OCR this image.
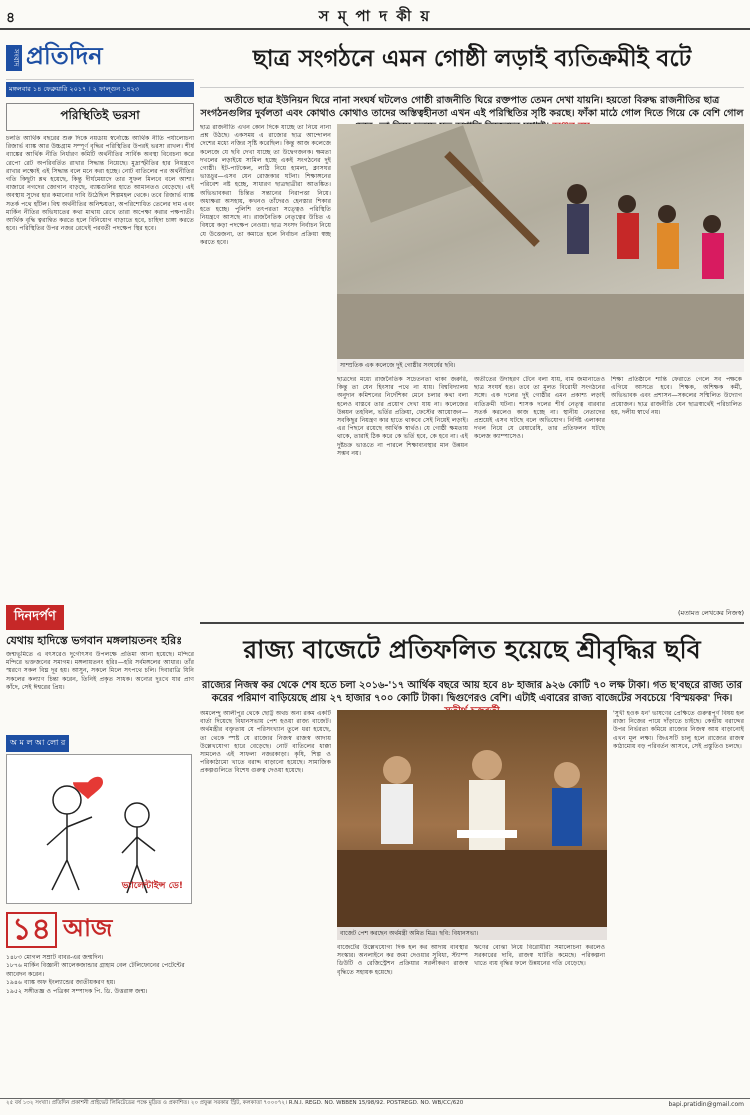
৪	স ম্ পা দ কী য়
সংবাদ প্রতিদিন
মঙ্গলবার ১৪ ফেব্রুয়ারি ২০১৭ । ২ ফাল্গুন ১৪২৩
পরিস্থিতিই ভরসা
চলতি আর্থিক বছরের শুরু দিকে নয়ডায় স্বর্নোচ্চে আর্থিক নীতি পর্যালোচনা রিজার্ভ ব্যাঙ্ক আর উচ্চগ্রাম সম্পূর্ণ বৃদ্ধির পরিস্থিতির উপরই ভরসা রাখল। শীর্ষ ব্যাঙ্কের আর্থিক নীতি নির্ধারণ কমিটি অর্থনীতির সার্বিক অবস্থা বিবেচনা করে রেপো রেট অপরিবর্তিত রাখার সিদ্ধান্ত নিয়েছে। মুদ্রাস্ফীতির হার নিয়ন্ত্রণে রাখার লক্ষ্যেই এই সিদ্ধান্ত বলে মনে করা হচ্ছে। নোট বাতিলের পর অর্থনীতির গতি কিছুটা শ্লথ হয়েছে, কিন্তু দীর্ঘমেয়াদে তার সুফল মিলবে বলে আশা। বাজারে নগদের জোগান বাড়ছে, ব্যাঙ্কগুলির হাতে আমানতও বেড়েছে। এই অবস্থায় সুদের হার কমানোর দাবি উঠেছিল শিল্পমহল থেকে। তবে রিজার্ভ ব্যাঙ্ক সতর্ক পথে হাঁটল। বিশ্ব অর্থনীতির অনিশ্চয়তা, অপরিশোধিত তেলের দাম এবং মার্কিন নীতির অভিঘাতের কথা মাথায় রেখে তারা অপেক্ষা করার পক্ষপাতী। আর্থিক বৃদ্ধি ত্বরান্বিত করতে হলে বিনিয়োগ বাড়াতে হবে, চাহিদা চাঙ্গা করতে হবে। পরিস্থিতির উপর নজর রেখেই পরবর্তী পদক্ষেপ স্থির হবে।
দিনদর্পণ
যেথায় হাদিস্তে ভগবান মঙ্গলায়তনং হরিঃ
জন্মভূমিতে এ বৎসরেও দুর্গোৎসব উপলক্ষে প্রতিমা আনা হয়েছে। মন্দিরে মন্দিরে ভক্তজনের সমাগম। মঙ্গলায়তনং হরিঃ—হরি সর্বমঙ্গলের আধার। তাঁর স্মরণে সকল বিঘ্ন দূর হয়। আসুন, সকলে মিলে সৎপথে চলি। দিবারাত্রি যিনি সকলের কল্যাণ চিন্তা করেন, তিনিই প্রকৃত সাধক। অন্যের দুঃখে যার প্রাণ কাঁদে, সেই ঈশ্বরের প্রিয়।
অ ম ল আ লো র
ভ্যালেন্টাইন্স ডে!
১৪ আজ
১৪৮৩ মোগল সম্রাট বাবর-এর জন্মদিন।
১৮৭৬ মার্কিন বিজ্ঞানী আলেকজান্ডার গ্রাহাম বেল টেলিফোনের পেটেন্টের আবেদন করেন।
১৯৪৬ ব্যাঙ্ক অফ ইংল্যান্ডের জাতীয়করণ হয়।
১৯৫২ সঙ্গীতজ্ঞ ও পত্রিকা সম্পাদক পি. ডি. উত্তরাঙ্গ জন্ম।
ছাত্র সংগঠনে এমন গোষ্ঠী লড়াই ব্যতিক্রমীই বটে
অতীতে ছাত্র ইউনিয়ন ঘিরে নানা সংঘর্ষ ঘটলেও গোষ্ঠী রাজনীতি ঘিরে রক্তপাত তেমন দেখা যায়নি। হয়তো বিরুদ্ধ রাজনীতির ছাত্র সংগঠনগুলির দুর্বলতা এবং কোথাও কোথাও তাদের অস্তিত্বহীনতা এখন এই পরিস্থিতির সৃষ্টি করছে। ফাঁকা মাঠে গোল দিতে গিয়ে কে বেশি গোল
ছাত্র রাজনীতি এখন কোন দিকে যাচ্ছে তা নিয়ে নানা প্রশ্ন উঠছে। একসময় এ রাজ্যের ছাত্র আন্দোলন দেশের মধ্যে নজির সৃষ্টি করেছিল। কিন্তু আজ কলেজে কলেজে যে ছবি দেখা যাচ্ছে তা উদ্বেগজনক। ক্ষমতা দখলের লড়াইয়ে সামিল হচ্ছে একই সংগঠনের দুই গোষ্ঠী। ইট-পাটকেল, লাঠি নিয়ে হামলা, ক্লাসঘর ভাঙচুর—এসব যেন রোজকার ঘটনা। শিক্ষাঙ্গনের পরিবেশ নষ্ট হচ্ছে, সাধারণ ছাত্রছাত্রীরা আতঙ্কিত। অভিভাবকরা চিন্তিত সন্তানের নিরাপত্তা নিয়ে। অধ্যক্ষরা অসহায়, কখনও তাঁদেরও হেনস্তার শিকার হতে হচ্ছে। পুলিশি তৎপরতা সত্ত্বেও পরিস্থিতি নিয়ন্ত্রণে আসছে না। রাজনৈতিক নেতৃত্বের উচিত এ বিষয়ে কড়া পদক্ষেপ নেওয়া। ছাত্র সংসদ নির্বাচন নিয়ে যে উত্তেজনা, তা কমাতে হলে নির্বাচন প্রক্রিয়া স্বচ্ছ করতে হবে।
সাম্প্রতিক এক কলেজে দুই গোষ্ঠীর সংঘর্ষের ছবি।
ছাত্রদের মধ্যে রাজনৈতিক সচেতনতা থাকা জরুরি, কিন্তু তা যেন হিংসার পথে না যায়। বিশ্ববিদ্যালয় অনুদান কমিশনের নির্দেশিকা মেনে চলার কথা বলা হলেও বাস্তবে তার প্রয়োগ দেখা যায় না। কলেজের উন্নয়ন তহবিল, ভর্তির প্রক্রিয়া, ফেস্টের আয়োজন—সবকিছুর নিয়ন্ত্রণ কার হাতে থাকবে সেই নিয়েই লড়াই। এর পিছনে রয়েছে আর্থিক স্বার্থও। যে গোষ্ঠী ক্ষমতায় থাকে, তারাই ঠিক করে কে ভর্তি হবে, কে হবে না। এই দুষ্টচক্র ভাঙতে না পারলে শিক্ষাব্যবস্থার মান উন্নয়ন সম্ভব নয়।
অতীতের উদাহরণ টেনে বলা যায়, বাম জমানাতেও ছাত্র সংঘর্ষ হত। তবে তা মূলত বিরোধী সংগঠনের সঙ্গে। এক দলের দুই গোষ্ঠীর এমন প্রকাশ্য লড়াই ব্যতিক্রমী ঘটনা। শাসক দলের শীর্ষ নেতৃত্ব বারবার সতর্ক করলেও কাজ হচ্ছে না। স্থানীয় নেতাদের প্রশ্রয়েই এসব ঘটছে বলে অভিযোগ। নির্দিষ্ট এলাকার দখল নিয়ে যে রেষারেষি, তার প্রতিফলন ঘটছে কলেজ ক্যাম্পাসেও।
শিক্ষা প্রতিষ্ঠানে শান্তি ফেরাতে গেলে সব পক্ষকে এগিয়ে আসতে হবে। শিক্ষক, অশিক্ষক কর্মী, অভিভাবক এবং প্রশাসন—সকলের সম্মিলিত উদ্যোগ প্রয়োজন। ছাত্র রাজনীতি যেন ছাত্রস্বার্থেই পরিচালিত হয়, দলীয় স্বার্থে নয়।
(মতামত লেখকের নিজস্ব)
রাজ্য বাজেটে প্রতিফলিত হয়েছে শ্রীবৃদ্ধির ছবি
রাজ্যের নিজস্ব কর থেকে শেষ হতে চলা ২০১৬-'১৭ আর্থিক বছরে আয় হবে ৪৮ হাজার ৯২৬ কোটি ৭০ লক্ষ টাকা। গত ছ'বছরে রাজ্য তার করের পরিমাণ বাড়িয়েছে প্রায় ২৭ হাজার ৭০০ কোটি টাকা। দ্বিগুণেরও বেশি। এটাই এবারের রাজ্য বাজেটের সবচেয়ে 'বিস্ময়কর' দিক।
অমলেন্দু আলীপুর থেকে ছোট্ট অথচ অন্য রকম একটি বার্তা দিয়েছে বিধানসভায় পেশ হওয়া রাজ্য বাজেট। অর্থমন্ত্রীর বক্তৃতায় যে পরিসংখ্যান তুলে ধরা হয়েছে, তা থেকে স্পষ্ট যে রাজ্যের নিজস্ব রাজস্ব আদায় উল্লেখযোগ্য হারে বেড়েছে। নোট বাতিলের ধাক্কা সামলেও এই সাফল্য নজরকাড়া। কৃষি, শিল্প ও পরিকাঠামো খাতে বরাদ্দ বাড়ানো হয়েছে। সামাজিক প্রকল্পগুলিতে বিশেষ গুরুত্ব দেওয়া হয়েছে।
বাজেট পেশ করছেন অর্থমন্ত্রী অমিত মিত্র। ছবি: বিধানসভা।
বাজেটের উল্লেখযোগ্য দিক হল কর আদায় ব্যবস্থার সংস্কার। অনলাইনে কর জমা দেওয়ার সুবিধা, স্ট্যাম্প ডিউটি ও রেজিস্ট্রেশন প্রক্রিয়ার সরলীকরণ রাজস্ব বৃদ্ধিতে সহায়ক হয়েছে।
ঋণের বোঝা নিয়ে বিরোধীরা সমালোচনা করলেও সরকারের দাবি, রাজস্ব ঘাটতি কমেছে। পরিকল্পনা খাতে ব্যয় বৃদ্ধির ফলে উন্নয়নের গতি বেড়েছে।
'সুখী হওক ধন' ভাষণের প্রেক্ষিতে গুরুত্বপূর্ণ বিষয় হল রাজ্য নিজের পায়ে দাঁড়াতে চাইছে। কেন্দ্রীয় বরাদ্দের উপর নির্ভরতা কমিয়ে রাজ্যের নিজস্ব আয় বাড়ানোই এখন মূল লক্ষ্য। জিএসটি চালু হলে রাজ্যের রাজস্ব কাঠামোয় বড় পরিবর্তন আসবে, সেই প্রস্তুতিও চলছে।
২৫ বর্ষ ১৩২ সংখ্যা। প্রতিদিন প্রকাশনী প্রাইভেট লিমিটেডের পক্ষে মুদ্রিত ও প্রকাশিত। ২০ প্রফুল্ল সরকার স্ট্রিট, কলকাতা ৭০০০৭২। R.N.I. REGD. NO. WBBEN 15/98/92. POSTREGD. NO. WB/CC/620	bapi.pratidin@gmail.com
